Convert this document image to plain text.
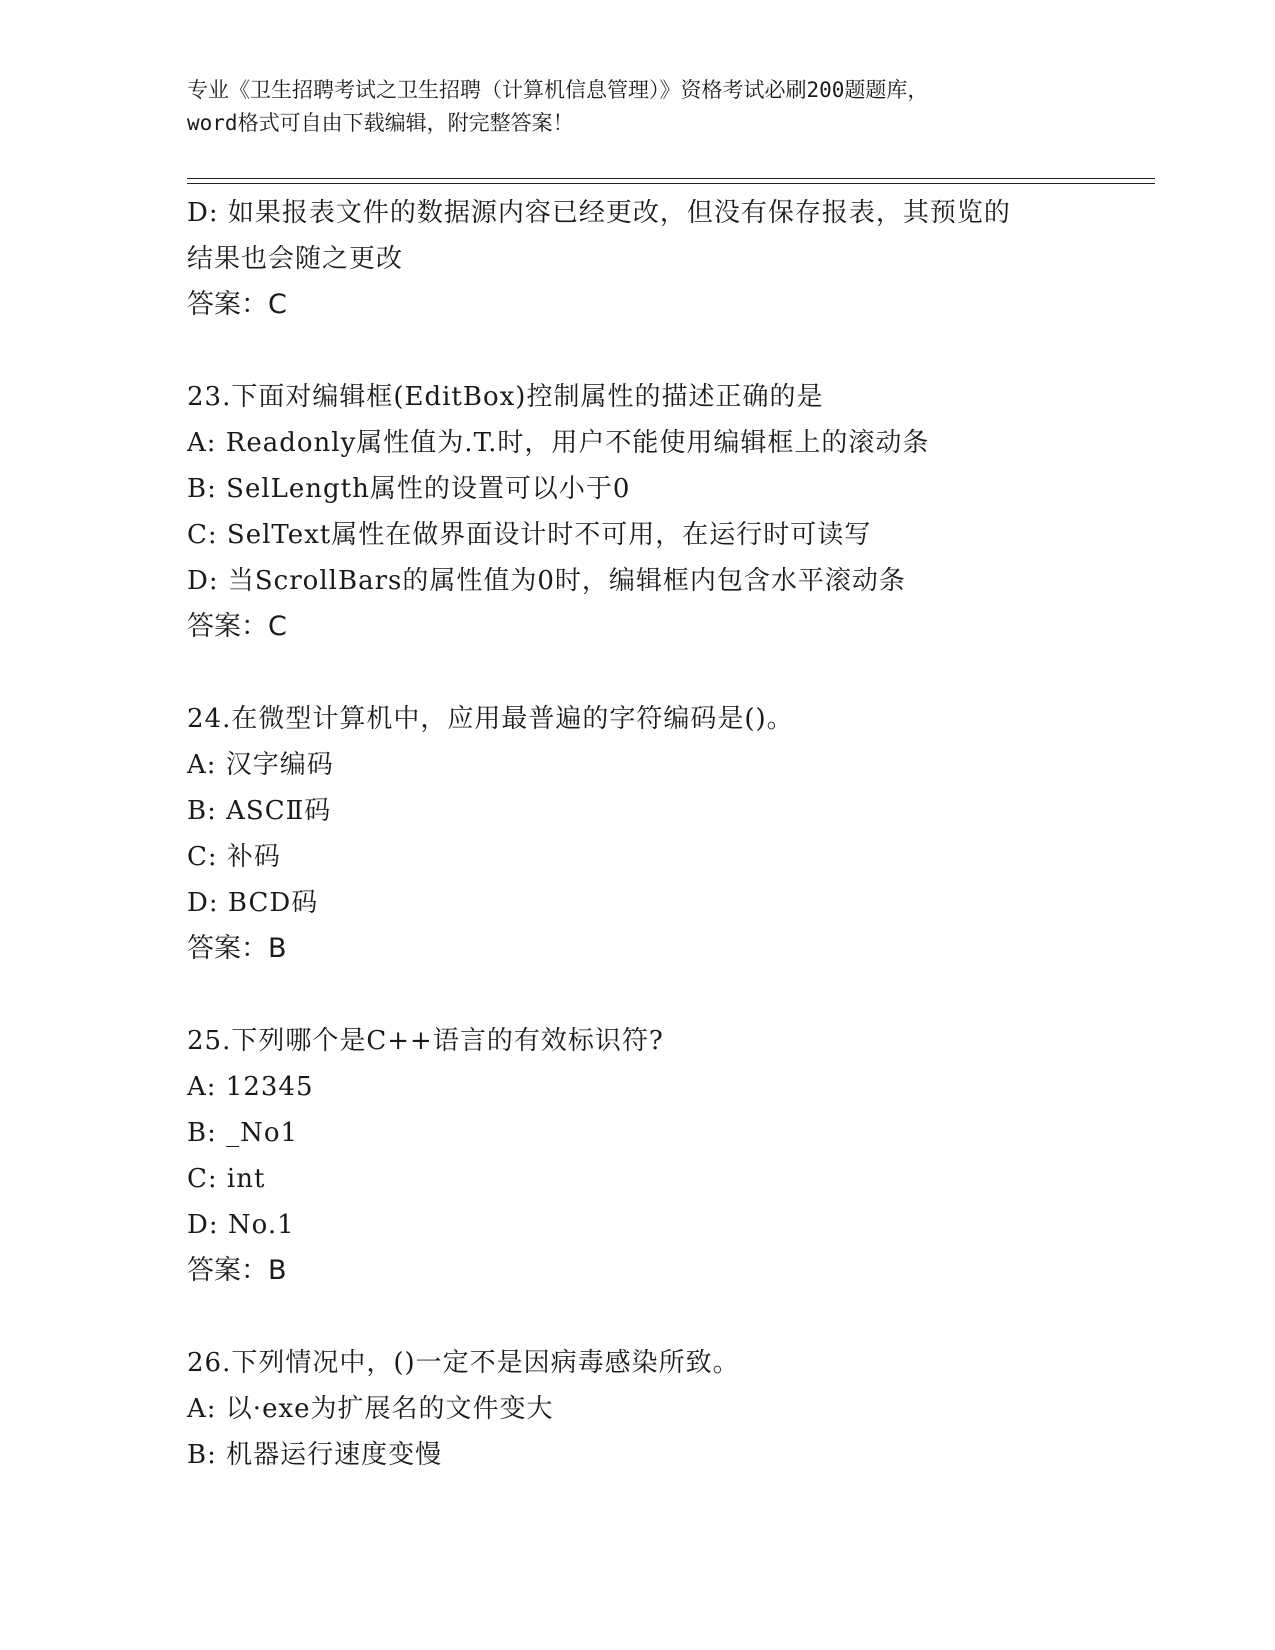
专业《卫生招聘考试之卫生招聘（计算机信息管理）》资格考试必刷200题题库，
word格式可自由下载编辑，附完整答案！
D: 如果报表文件的数据源内容已经更改，但没有保存报表，其预览的
结果也会随之更改
答案：C
23.下面对编辑框(EditBox)控制属性的描述正确的是
A: Readonly属性值为.T.时，用户不能使用编辑框上的滚动条
B: SelLength属性的设置可以小于0
C: SelText属性在做界面设计时不可用，在运行时可读写
D: 当ScrollBars的属性值为0时，编辑框内包含水平滚动条
答案：C
24.在微型计算机中，应用最普遍的字符编码是()。
A: 汉字编码
B: ASCⅡ码
C: 补码
D: BCD码
答案：B
25.下列哪个是C++语言的有效标识符?
A: 12345
B: _No1
C: int
D: No.1
答案：B
26.下列情况中，()一定不是因病毒感染所致。
A: 以·exe为扩展名的文件变大
B: 机器运行速度变慢
